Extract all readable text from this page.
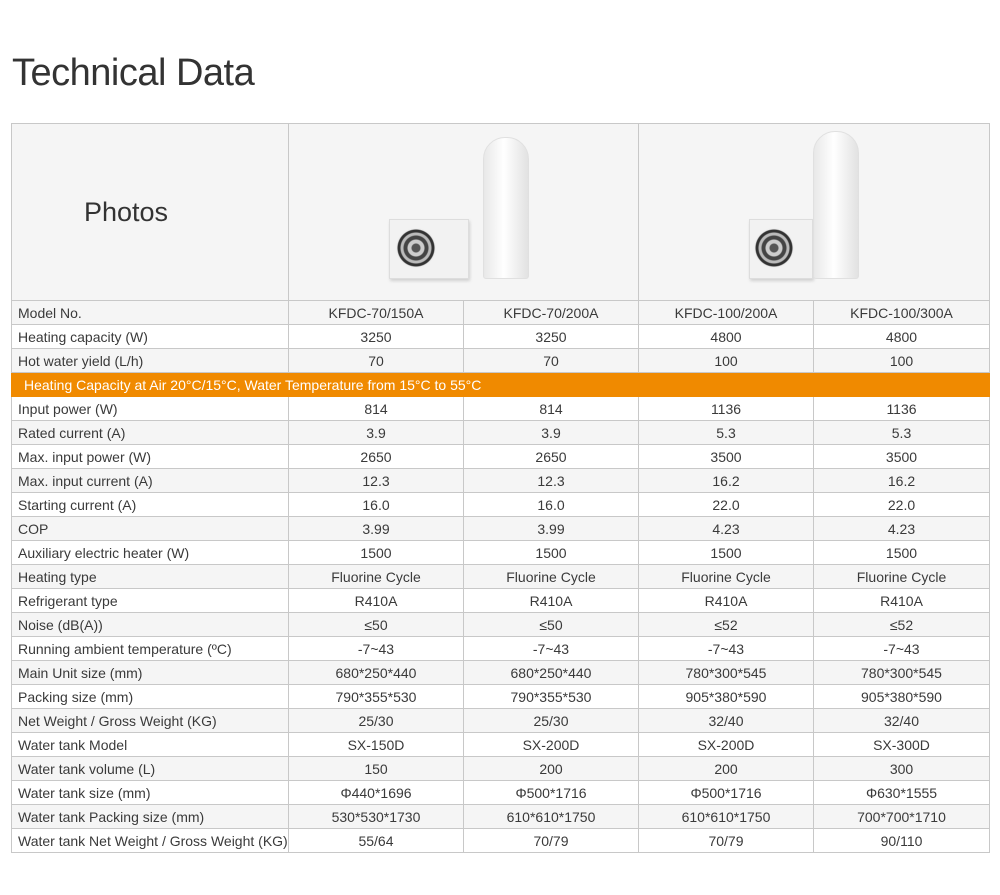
Technical Data
Photos			

Model No.	KFDC-70/150A	KFDC-70/200A	KFDC-100/200A	KFDC-100/300A
Heating capacity (W)	3250	3250	4800	4800
Hot water yield (L/h)	70	70	100	100
Heating Capacity at Air 20°C/15°C, Water Temperature from 15°C to 55°C				
Input power (W)	814	814	1136	1136
Rated current (A)	3.9	3.9	5.3	5.3
Max. input power (W)	2650	2650	3500	3500
Max. input current (A)	12.3	12.3	16.2	16.2
Starting current (A)	16.0	16.0	22.0	22.0
COP	3.99	3.99	4.23	4.23
Auxiliary electric heater (W)	1500	1500	1500	1500
Heating type	Fluorine Cycle	Fluorine Cycle	Fluorine Cycle	Fluorine Cycle
Refrigerant type	R410A	R410A	R410A	R410A
Noise (dB(A))	≤50	≤50	≤52	≤52
Running ambient temperature (ºC)	-7~43	-7~43	-7~43	-7~43
Main Unit size (mm)	680*250*440	680*250*440	780*300*545	780*300*545
Packing size (mm)	790*355*530	790*355*530	905*380*590	905*380*590
Net Weight / Gross Weight (KG)	25/30	25/30	32/40	32/40
Water tank Model	SX-150D	SX-200D	SX-200D	SX-300D
Water tank volume (L)	150	200	200	300
Water tank size (mm)	Φ440*1696	Φ500*1716	Φ500*1716	Φ630*1555
Water tank Packing size (mm)	530*530*1730	610*610*1750	610*610*1750	700*700*1710
Water tank Net Weight / Gross Weight (KG)	55/64	70/79	70/79	90/110
